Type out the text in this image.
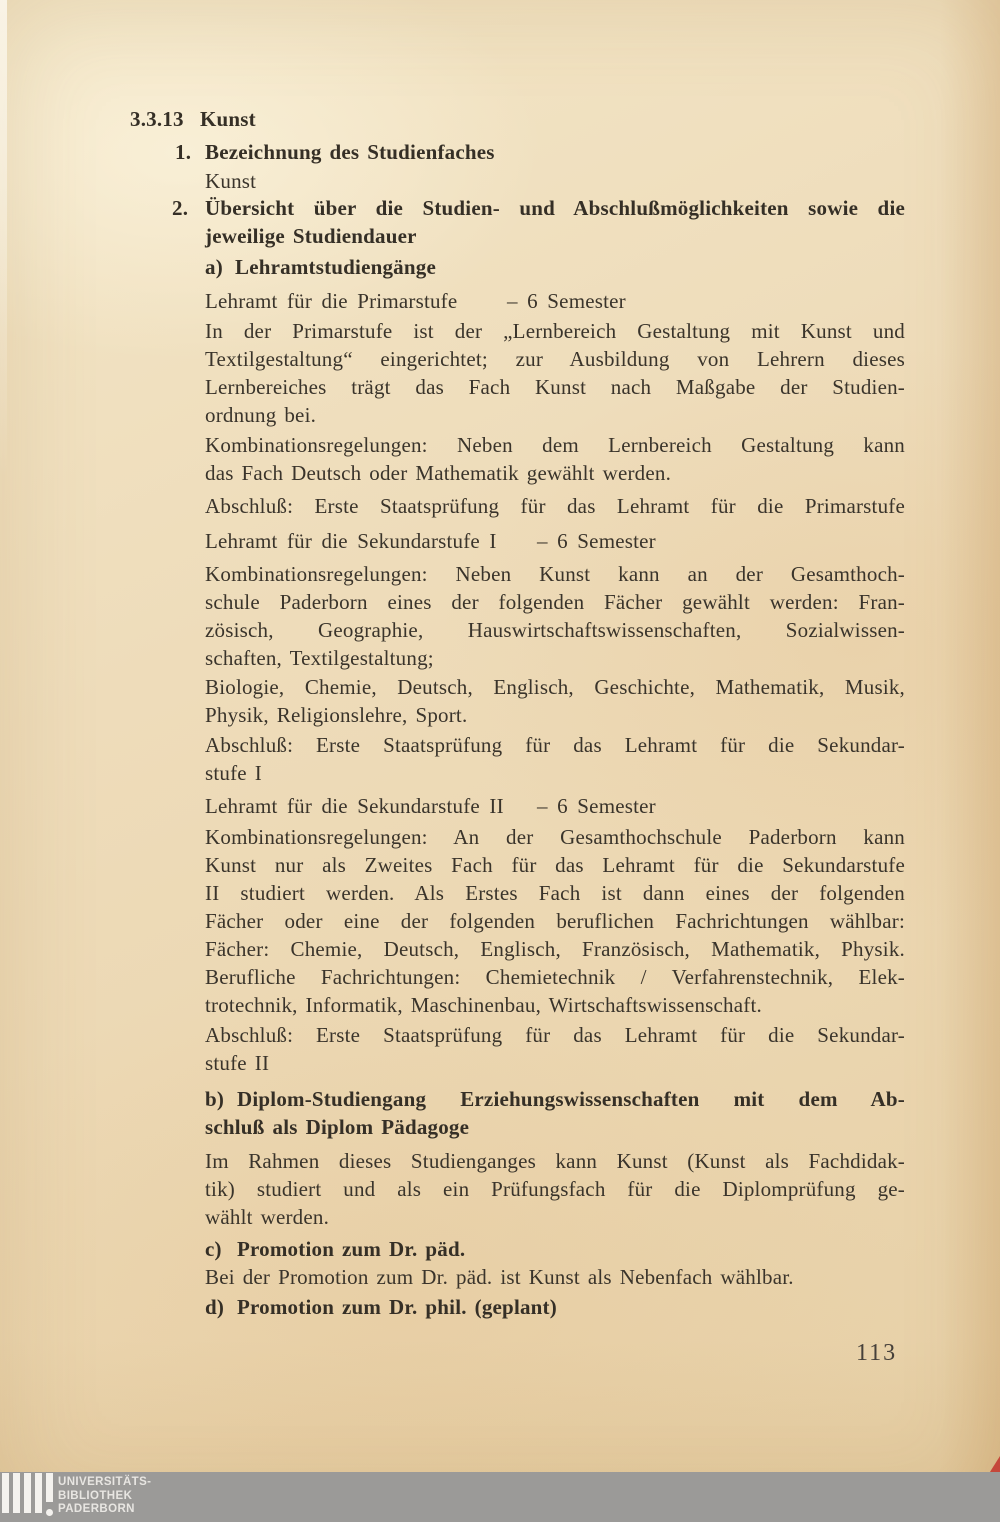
3.3.13 Kunst
1. Bezeichnung des Studienfaches
Kunst
2. Übersicht über die Studien- und Abschlußmöglichkeiten sowie die
jeweilige Studiendauer
a) Lehramtstudiengänge
Lehramt für die Primarstufe – 6 Semester
In der Primarstufe ist der „Lernbereich Gestaltung mit Kunst und
Textilgestaltung“ eingerichtet; zur Ausbildung von Lehrern dieses
Lernbereiches trägt das Fach Kunst nach Maßgabe der Studien-
ordnung bei.
Kombinationsregelungen: Neben dem Lernbereich Gestaltung kann
das Fach Deutsch oder Mathematik gewählt werden.
Abschluß: Erste Staatsprüfung für das Lehramt für die Primarstufe
Lehramt für die Sekundarstufe I – 6 Semester
Kombinationsregelungen: Neben Kunst kann an der Gesamthoch-
schule Paderborn eines der folgenden Fächer gewählt werden: Fran-
zösisch, Geographie, Hauswirtschaftswissenschaften, Sozialwissen-
schaften, Textilgestaltung;
Biologie, Chemie, Deutsch, Englisch, Geschichte, Mathematik, Musik,
Physik, Religionslehre, Sport.
Abschluß: Erste Staatsprüfung für das Lehramt für die Sekundar-
stufe I
Lehramt für die Sekundarstufe II – 6 Semester
Kombinationsregelungen: An der Gesamthochschule Paderborn kann
Kunst nur als Zweites Fach für das Lehramt für die Sekundarstufe
II studiert werden. Als Erstes Fach ist dann eines der folgenden
Fächer oder eine der folgenden beruflichen Fachrichtungen wählbar:
Fächer: Chemie, Deutsch, Englisch, Französisch, Mathematik, Physik.
Berufliche Fachrichtungen: Chemietechnik / Verfahrenstechnik, Elek-
trotechnik, Informatik, Maschinenbau, Wirtschaftswissenschaft.
Abschluß: Erste Staatsprüfung für das Lehramt für die Sekundar-
stufe II
b) Diplom-Studiengang Erziehungswissenschaften mit dem Ab-
schluß als Diplom Pädagoge
Im Rahmen dieses Studienganges kann Kunst (Kunst als Fachdidak-
tik) studiert und als ein Prüfungsfach für die Diplomprüfung ge-
wählt werden.
c) Promotion zum Dr. päd.
Bei der Promotion zum Dr. päd. ist Kunst als Nebenfach wählbar.
d) Promotion zum Dr. phil. (geplant)
113
UNIVERSITÄTS-
BIBLIOTHEK
PADERBORN
